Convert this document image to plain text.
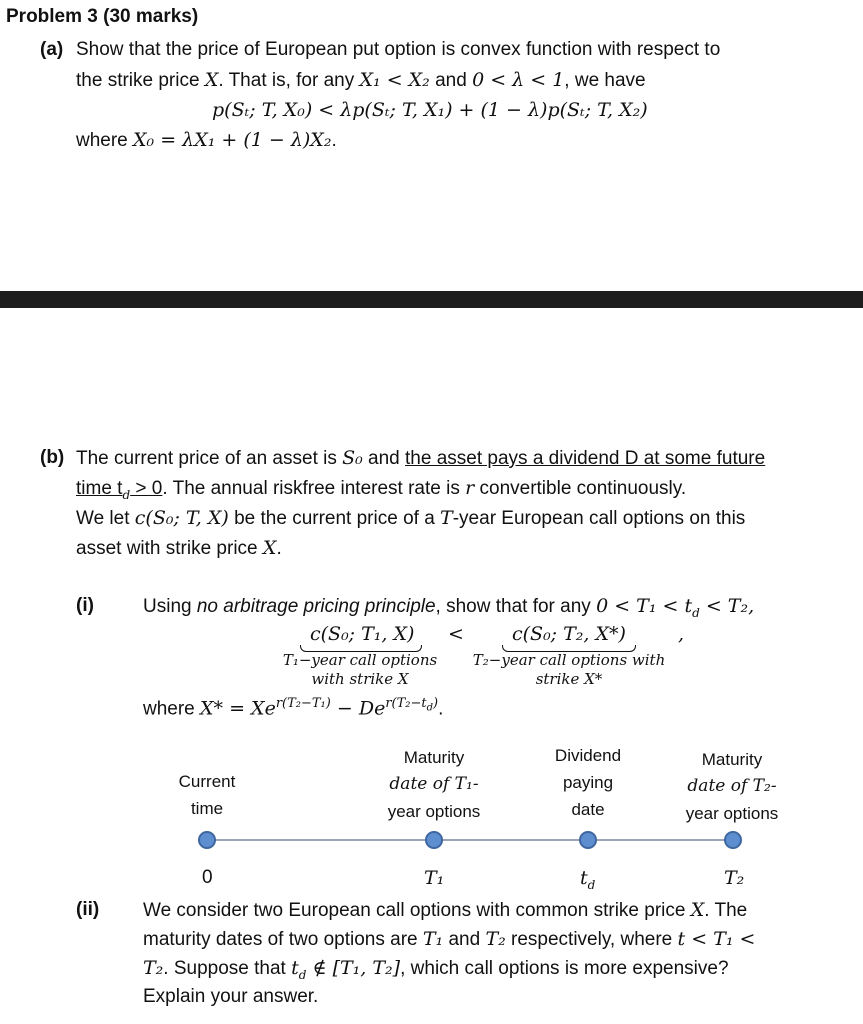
Problem 3 (30 marks)
(a) Show that the price of European put option is convex function with respect to
the strike price X. That is, for any X₁ < X₂ and 0 < λ < 1, we have
p(Sₜ; T, X₀) < λp(Sₜ; T, X₁) + (1 − λ)p(Sₜ; T, X₂)
where X₀ = λX₁ + (1 − λ)X₂.
(b) The current price of an asset is S₀ and the asset pays a dividend D at some future
time $t_d > 0$. The annual riskfree interest rate is r convertible continuously.
We let c(S₀; T, X) be the current price of a T-year European call options on this
asset with strike price X.
(i)	Using no arbitrage pricing principle, show that for any $0 < T_1 < t_d < T_2$,
c(S₀; T₁, X) <	c(S₀; T₂, X*)	,
T₁−year call options
with strike X
T₂−year call options with
strike X*
where $X* = Xe^{r(T_2-T_1)} - De^{r(T_2-t_d)}$.
Current
time
Maturity
date of T₁-
year options
Dividend
paying
date
Maturity
date of T₂-
year options
0	T₁	$t_d$	T₂
(ii) We consider two European call options with common strike price X. The
maturity dates of two options are T₁ and T₂ respectively, where t < T₁ <
T₂. Suppose that $t_d$ ∉ [T₁, T₂], which call options is more expensive?
Explain your answer.
